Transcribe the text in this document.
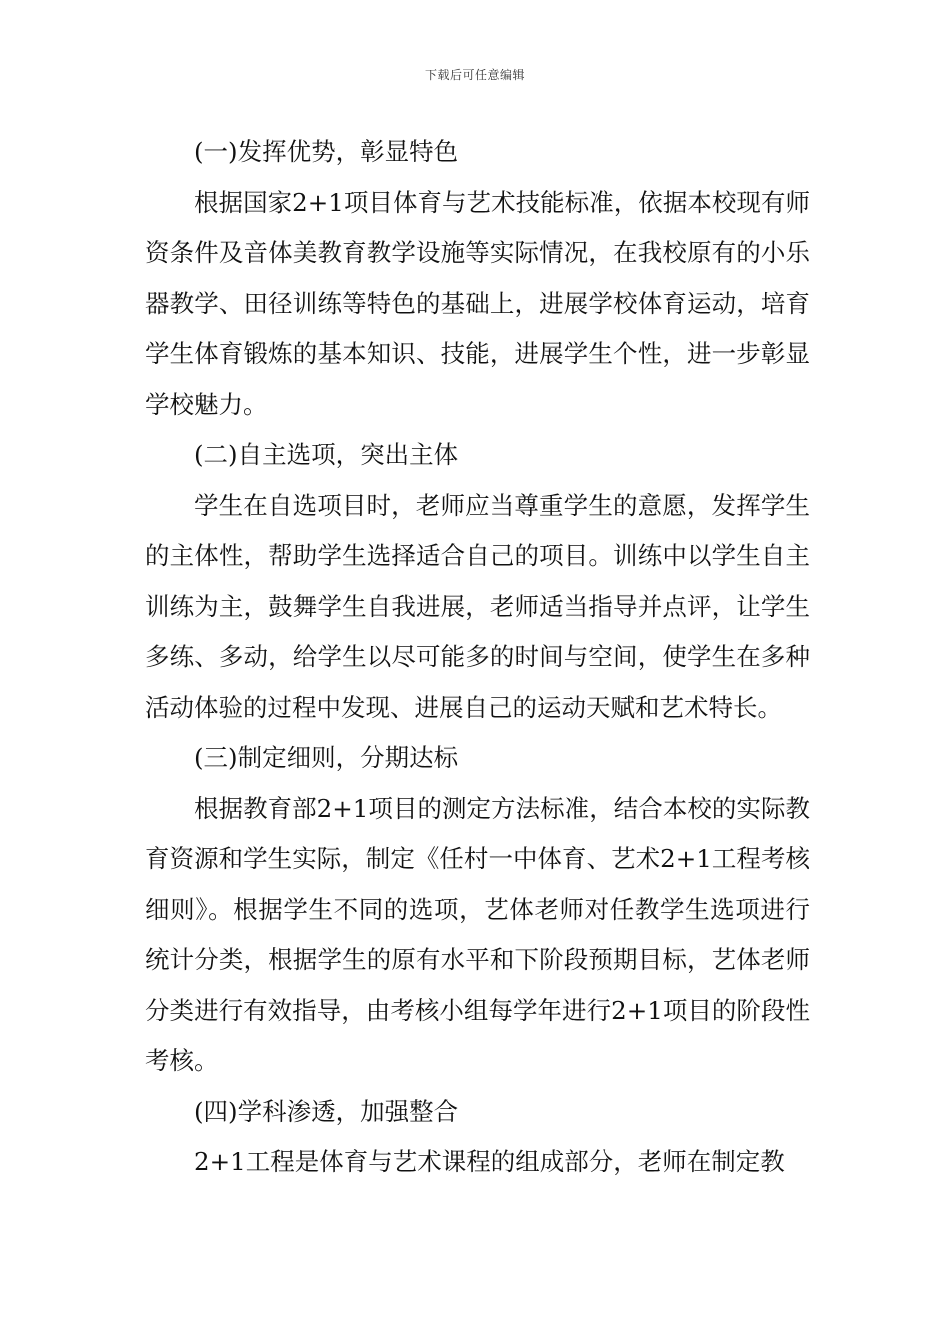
下载后可任意编辑

(一)发挥优势，彰显特色

根据国家2+1项目体育与艺术技能标准，依据本校现有师资条件及音体美教育教学设施等实际情况，在我校原有的小乐器教学、田径训练等特色的基础上，进展学校体育运动，培育学生体育锻炼的基本知识、技能，进展学生个性，进一步彰显学校魅力。

(二)自主选项，突出主体

学生在自选项目时，老师应当尊重学生的意愿，发挥学生的主体性，帮助学生选择适合自己的项目。训练中以学生自主训练为主，鼓舞学生自我进展，老师适当指导并点评，让学生多练、多动，给学生以尽可能多的时间与空间，使学生在多种活动体验的过程中发现、进展自己的运动天赋和艺术特长。

(三)制定细则，分期达标

根据教育部2+1项目的测定方法标准，结合本校的实际教育资源和学生实际，制定《任村一中体育、艺术2+1工程考核细则》。根据学生不同的选项，艺体老师对任教学生选项进行统计分类，根据学生的原有水平和下阶段预期目标，艺体老师分类进行有效指导，由考核小组每学年进行2+1项目的阶段性考核。

(四)学科渗透，加强整合

2+1工程是体育与艺术课程的组成部分，老师在制定教
